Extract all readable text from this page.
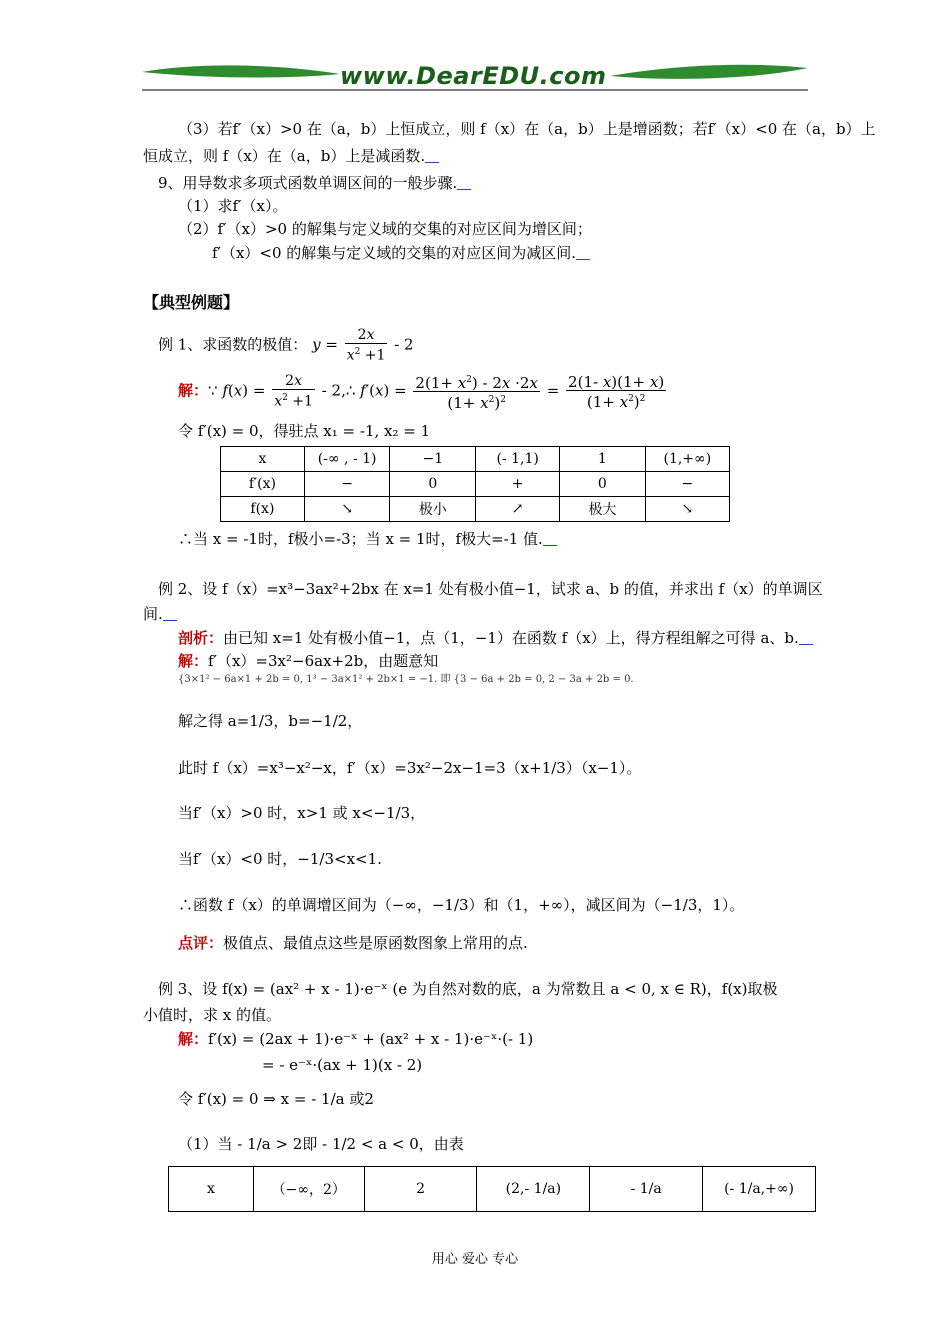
www.DearEDU.com
（3）若f′（x）>0 在（a，b）上恒成立，则 f（x）在（a，b）上是增函数；若f′（x）<0 在（a，b）上
恒成立，则 f（x）在（a，b）上是减函数.
9、用导数求多项式函数单调区间的一般步骤.
（1）求f′（x）。
（2）f′（x）>0 的解集与定义域的交集的对应区间为增区间；
f′（x）<0 的解集与定义域的交集的对应区间为减区间.
【典型例题】
例 1、求函数的极值： $y = \frac{2x}{x^2 +1} - 2$
解：∵ $f(x) = \frac{2x}{x^2 +1}$ - 2,∴ $f'(x) = \frac{2(1+ x^2) - 2x \cdot 2x}{(1+ x^2)^2} = \frac{2(1- x)(1+ x)}{(1+ x^2)^2}$
令 f′(x) = 0，得驻点 x₁ = -1, x₂ = 1
x	(-∞ , - 1)	−1	(- 1,1)	1	(1,+∞)
f′(x)	−	0	+	0	−
f(x)	↘	极小	↗	极大	↘
∴当 x = -1时，f极小=-3；当 x = 1时，f极大=-1 值.
例 2、设 f（x）=x³−3ax²+2bx 在 x=1 处有极小值−1，试求 a、b 的值，并求出 f（x）的单调区
间.
剖析：由已知 x=1 处有极小值−1，点（1，−1）在函数 f（x）上，得方程组解之可得 a、b.
解：f′（x）=3x²−6ax+2b，由题意知
{3×1² − 6a×1 + 2b = 0, 1³ − 3a×1² + 2b×1 = −1. 即 {3 − 6a + 2b = 0, 2 − 3a + 2b = 0.
解之得 a=1/3，b=−1/2，
此时 f（x）=x³−x²−x，f′（x）=3x²−2x−1=3（x+1/3）（x−1）。
当f′（x）>0 时，x>1 或 x<−1/3，
当f′（x）<0 时，−1/3<x<1.
∴函数 f（x）的单调增区间为（−∞，−1/3）和（1，+∞），减区间为（−1/3，1）。
点评：极值点、最值点这些是原函数图象上常用的点.
例 3、设 f(x) = (ax² + x - 1)·e⁻ˣ (e 为自然对数的底，a 为常数且 a < 0, x ∈ R)，f(x)取极
小值时，求 x 的值。
解：f′(x) = (2ax + 1)·e⁻ˣ + (ax² + x - 1)·e⁻ˣ·(- 1)
= - e⁻ˣ·(ax + 1)(x - 2)
令 f′(x) = 0 ⇒ x = - 1/a 或2
（1）当 - 1/a > 2即 - 1/2 < a < 0，由表
x	（−∞，2）	2	(2,- 1/a)	- 1/a	(- 1/a,+∞)
用心 爱心 专心
